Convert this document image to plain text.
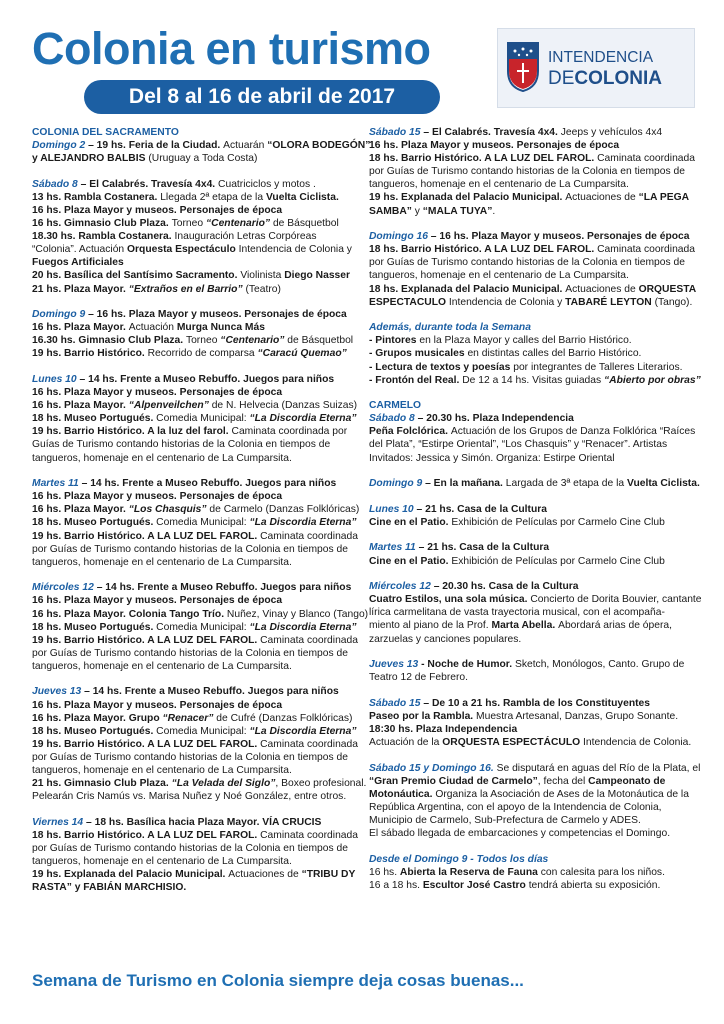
Colonia en turismo
Del 8 al 16 de abril de 2017
INTENDENCIA
DECOLONIA
COLONIA DEL SACRAMENTO
Domingo 2 – 19 hs. Feria de la Ciudad. Actuarán “OLORA BODEGÓN”
y ALEJANDRO BALBIS (Uruguay a Toda Costa)
Sábado 8 – El Calabrés. Travesía 4x4. Cuatriciclos y motos .
13 hs. Rambla Costanera. Llegada 2ª etapa de la Vuelta Ciclista.
16 hs. Plaza Mayor y museos. Personajes de época
16 hs. Gimnasio Club Plaza. Torneo “Centenario” de Básquetbol
18.30 hs. Rambla Costanera. Inauguración Letras Corpóreas
“Colonia”. Actuación Orquesta Espectáculo Intendencia de Colonia y
Fuegos Artificiales
20 hs. Basílica del Santísimo Sacramento. Violinista Diego Nasser
21 hs. Plaza Mayor. “Extraños en el Barrio” (Teatro)
Domingo 9 – 16 hs. Plaza Mayor y museos. Personajes de época
16 hs. Plaza Mayor. Actuación Murga Nunca Más
16.30 hs. Gimnasio Club Plaza. Torneo “Centenario” de Básquetbol
19 hs. Barrio Histórico. Recorrido de comparsa “Caracú Quemao”
Lunes 10 – 14 hs. Frente a Museo Rebuffo. Juegos para niños
16 hs. Plaza Mayor y museos. Personajes de época
16 hs. Plaza Mayor. “Alpenveilchen” de N. Helvecia (Danzas Suizas)
18 hs. Museo Portugués. Comedia Municipal: “La Discordia Eterna”
19 hs. Barrio Histórico. A la luz del farol. Caminata coordinada por
Guías de Turismo contando historias de la Colonia en tiempos de
tangueros, homenaje en el centenario de La Cumparsita.
Martes 11 – 14 hs. Frente a Museo Rebuffo. Juegos para niños
16 hs. Plaza Mayor y museos. Personajes de época
16 hs. Plaza Mayor. “Los Chasquis” de Carmelo (Danzas Folklóricas)
18 hs. Museo Portugués. Comedia Municipal: “La Discordia Eterna”
19 hs. Barrio Histórico. A LA LUZ DEL FAROL. Caminata coordinada
por Guías de Turismo contando historias de la Colonia en tiempos de
tangueros, homenaje en el centenario de La Cumparsita.
Miércoles 12 – 14 hs. Frente a Museo Rebuffo. Juegos para niños
16 hs. Plaza Mayor y museos. Personajes de época
16 hs. Plaza Mayor. Colonia Tango Trío. Nuñez, Vinay y Blanco (Tango)
18 hs. Museo Portugués. Comedia Municipal: “La Discordia Eterna”
19 hs. Barrio Histórico. A LA LUZ DEL FAROL. Caminata coordinada
por Guías de Turismo contando historias de la Colonia en tiempos de
tangueros, homenaje en el centenario de La Cumparsita.
Jueves 13 – 14 hs. Frente a Museo Rebuffo. Juegos para niños
16 hs. Plaza Mayor y museos. Personajes de época
16 hs. Plaza Mayor. Grupo “Renacer” de Cufré (Danzas Folklóricas)
18 hs. Museo Portugués. Comedia Municipal: “La Discordia Eterna”
19 hs. Barrio Histórico. A LA LUZ DEL FAROL. Caminata coordinada
por Guías de Turismo contando historias de la Colonia en tiempos de
tangueros, homenaje en el centenario de La Cumparsita.
21 hs. Gimnasio Club Plaza. “La Velada del Siglo”, Boxeo profesional.
Pelearán Cris Namús vs. Marisa Nuñez y Noé González, entre otros.
Viernes 14 – 18 hs. Basílica hacia Plaza Mayor. VÍA CRUCIS
18 hs. Barrio Histórico. A LA LUZ DEL FAROL. Caminata coordinada
por Guías de Turismo contando historias de la Colonia en tiempos de
tangueros, homenaje en el centenario de La Cumparsita.
19 hs. Explanada del Palacio Municipal. Actuaciones de “TRIBU DY
RASTA” y FABIÁN MARCHISIO.
Sábado 15 – El Calabrés. Travesía 4x4. Jeeps y vehículos 4x4
16 hs. Plaza Mayor y museos. Personajes de época
18 hs. Barrio Histórico. A LA LUZ DEL FAROL. Caminata coordinada
por Guías de Turismo contando historias de la Colonia en tiempos de
tangueros, homenaje en el centenario de La Cumparsita.
19 hs. Explanada del Palacio Municipal. Actuaciones de “LA PEGA
SAMBA” y “MALA TUYA”.
Domingo 16 – 16 hs. Plaza Mayor y museos. Personajes de época
18 hs. Barrio Histórico. A LA LUZ DEL FAROL. Caminata coordinada
por Guías de Turismo contando historias de la Colonia en tiempos de
tangueros, homenaje en el centenario de La Cumparsita.
18 hs. Explanada del Palacio Municipal. Actuaciones de ORQUESTA
ESPECTACULO Intendencia de Colonia y TABARÉ LEYTON (Tango).
Además, durante toda la Semana
- Pintores en la Plaza Mayor y calles del Barrio Histórico.
- Grupos musicales en distintas calles del Barrio Histórico.
- Lectura de textos y poesías por integrantes de Talleres Literarios.
- Frontón del Real. De 12 a 14 hs. Visitas guiadas “Abierto por obras”
CARMELO
Sábado 8 – 20.30 hs. Plaza Independencia
Peña Folclórica. Actuación de los Grupos de Danza Folklórica “Raíces
del Plata”, “Estirpe Oriental”, “Los Chasquis” y “Renacer”. Artistas
Invitados: Jessica y Simón. Organiza: Estirpe Oriental
Domingo 9 – En la mañana. Largada de 3ª etapa de la Vuelta Ciclista.
Lunes 10 – 21 hs. Casa de la Cultura
Cine en el Patio. Exhibición de Películas por Carmelo Cine Club
Martes 11 – 21 hs. Casa de la Cultura
Cine en el Patio. Exhibición de Películas por Carmelo Cine Club
Miércoles 12 – 20.30 hs. Casa de la Cultura
Cuatro Estilos, una sola música. Concierto de Dorita Bouvier, cantante
lírica carmelitana de vasta trayectoria musical, con el acompaña-
miento al piano de la Prof. Marta Abella. Abordará arias de ópera,
zarzuelas y canciones populares.
Jueves 13 - Noche de Humor. Sketch, Monólogos, Canto. Grupo de
Teatro 12 de Febrero.
Sábado 15 – De 10 a 21 hs. Rambla de los Constituyentes
Paseo por la Rambla. Muestra Artesanal, Danzas, Grupo Sonante.
18:30 hs. Plaza Independencia
Actuación de la ORQUESTA ESPECTÁCULO Intendencia de Colonia.
Sábado 15 y Domingo 16. Se disputará en aguas del Río de la Plata, el
“Gran Premio Ciudad de Carmelo”, fecha del Campeonato de
Motonáutica. Organiza la Asociación de Ases de la Motonáutica de la
República Argentina, con el apoyo de la Intendencia de Colonia,
Municipio de Carmelo, Sub-Prefectura de Carmelo y ADES.
El sábado llegada de embarcaciones y competencias el Domingo.
Desde el Domingo 9 - Todos los días
16 hs. Abierta la Reserva de Fauna con calesita para los niños.
16 a 18 hs. Escultor José Castro tendrá abierta su exposición.
Semana de Turismo en Colonia siempre deja cosas buenas...
